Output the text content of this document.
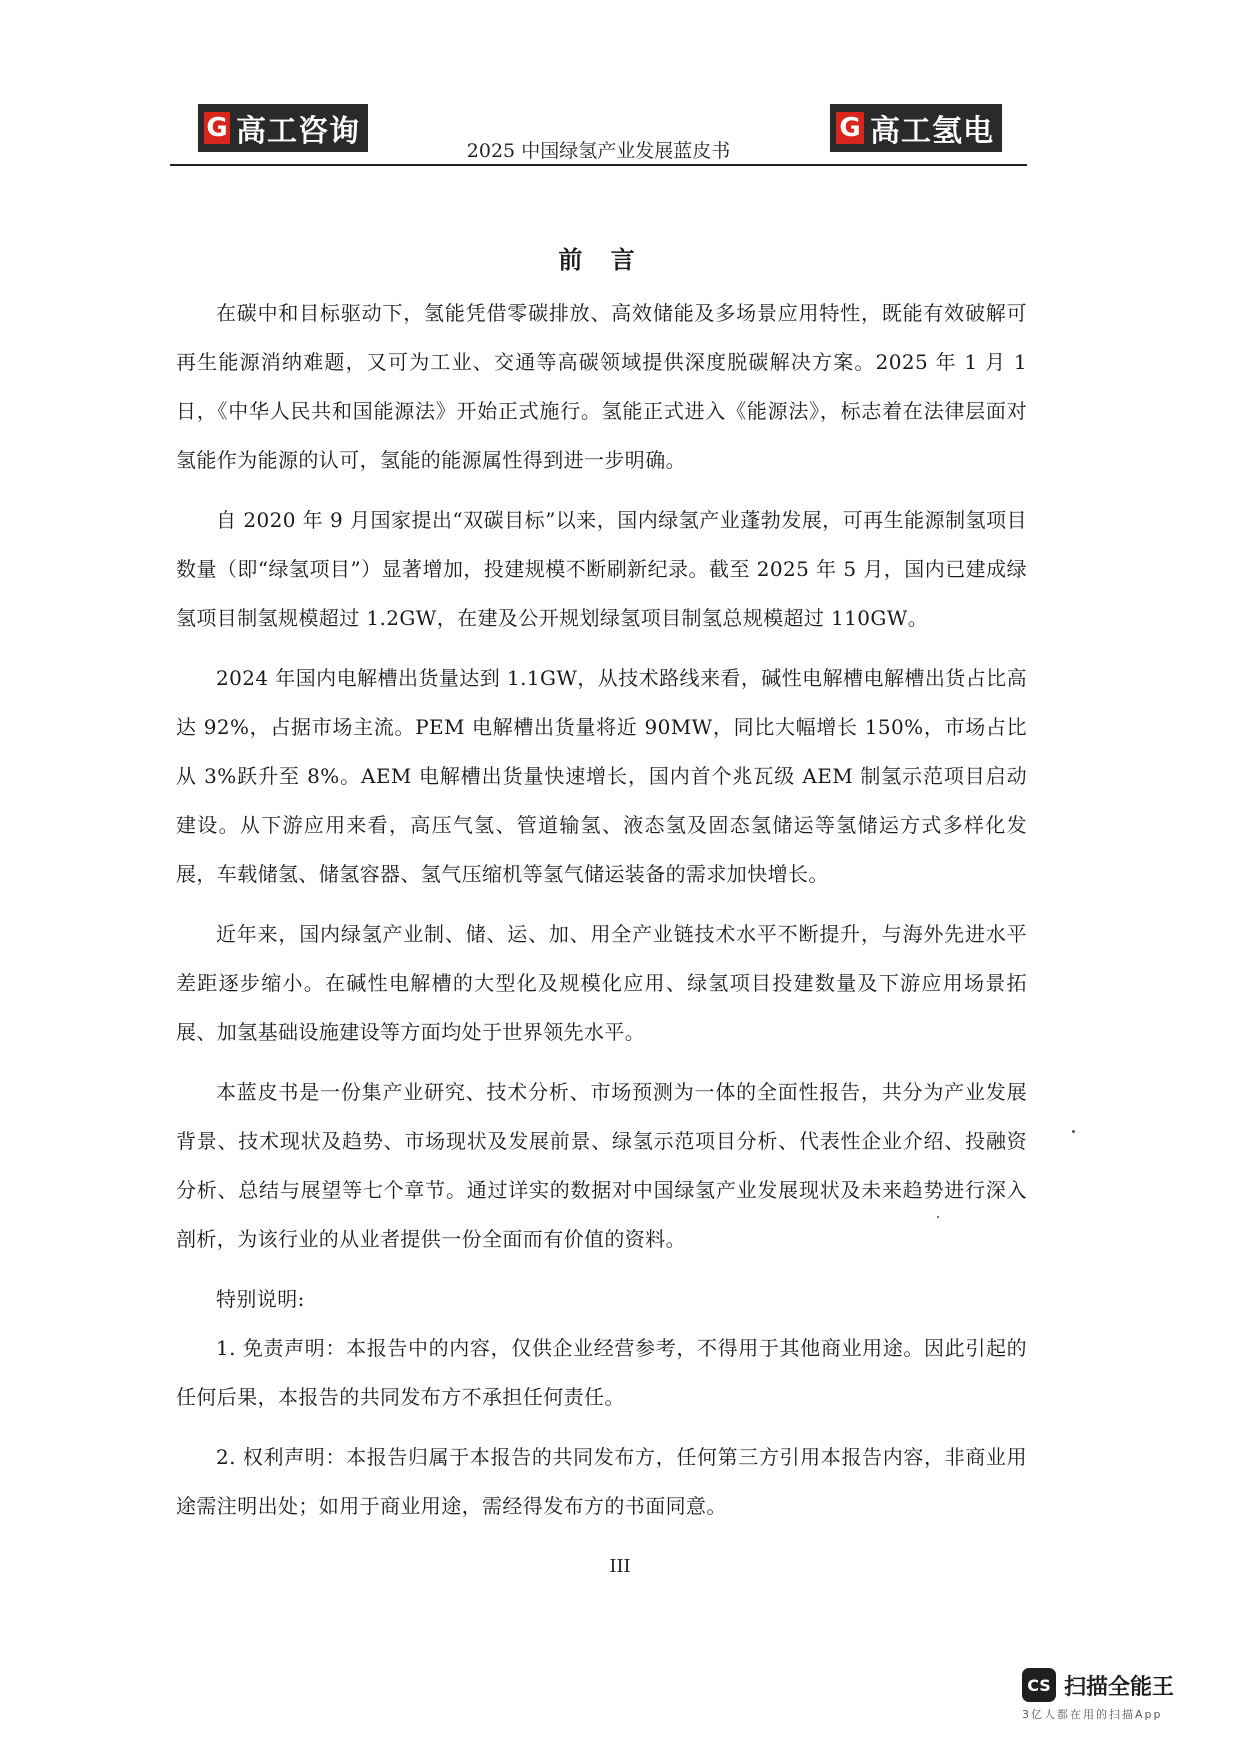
G 高工咨询
2025 中国绿氢产业发展蓝皮书
G 高工氢电
前 言

在碳中和目标驱动下，氢能凭借零碳排放、高效储能及多场景应用特性，既能有效破解可再生能源消纳难题，又可为工业、交通等高碳领域提供深度脱碳解决方案。2025 年 1 月 1 日，《中华人民共和国能源法》开始正式施行。氢能正式进入《能源法》，标志着在法律层面对氢能作为能源的认可，氢能的能源属性得到进一步明确。

自 2020 年 9 月国家提出“双碳目标”以来，国内绿氢产业蓬勃发展，可再生能源制氢项目数量（即“绿氢项目”）显著增加，投建规模不断刷新纪录。截至 2025 年 5 月，国内已建成绿氢项目制氢规模超过 1.2GW，在建及公开规划绿氢项目制氢总规模超过 110GW。

2024 年国内电解槽出货量达到 1.1GW，从技术路线来看，碱性电解槽电解槽出货占比高达 92%，占据市场主流。PEM 电解槽出货量将近 90MW，同比大幅增长 150%，市场占比从 3%跃升至 8%。AEM 电解槽出货量快速增长，国内首个兆瓦级 AEM 制氢示范项目启动建设。从下游应用来看，高压气氢、管道输氢、液态氢及固态氢储运等氢储运方式多样化发展，车载储氢、储氢容器、氢气压缩机等氢气储运装备的需求加快增长。

近年来，国内绿氢产业制、储、运、加、用全产业链技术水平不断提升，与海外先进水平差距逐步缩小。在碱性电解槽的大型化及规模化应用、绿氢项目投建数量及下游应用场景拓展、加氢基础设施建设等方面均处于世界领先水平。

本蓝皮书是一份集产业研究、技术分析、市场预测为一体的全面性报告，共分为产业发展背景、技术现状及趋势、市场现状及发展前景、绿氢示范项目分析、代表性企业介绍、投融资分析、总结与展望等七个章节。通过详实的数据对中国绿氢产业发展现状及未来趋势进行深入剖析，为该行业的从业者提供一份全面而有价值的资料。

特别说明:

1. 免责声明：本报告中的内容，仅供企业经营参考，不得用于其他商业用途。因此引起的任何后果，本报告的共同发布方不承担任何责任。

2. 权利声明：本报告归属于本报告的共同发布方，任何第三方引用本报告内容，非商业用途需注明出处；如用于商业用途，需经得发布方的书面同意。

III
CS 扫描全能王
3亿人都在用的扫描App
